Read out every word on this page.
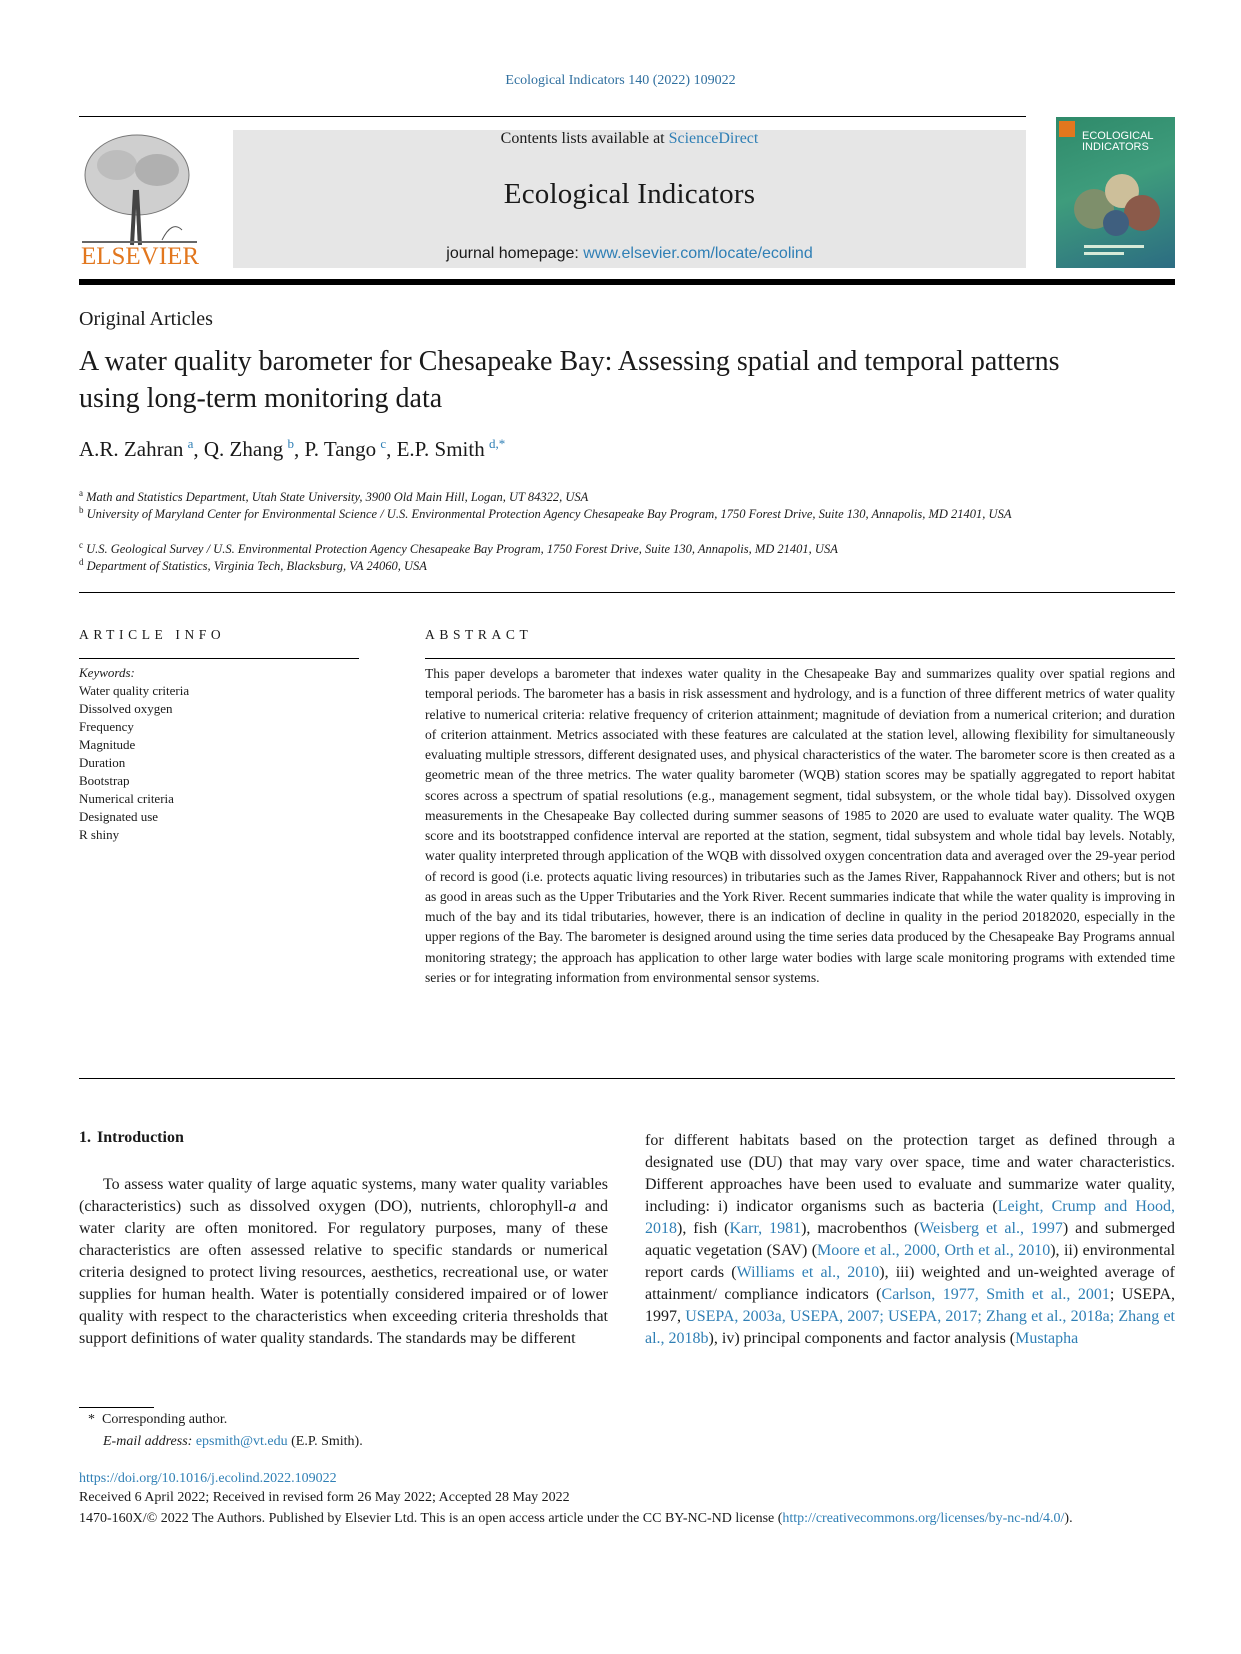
Ecological Indicators 140 (2022) 109022
ELSEVIER
Contents lists available at ScienceDirect
Ecological Indicators
journal homepage: www.elsevier.com/locate/ecolind
ECOLOGICAL
INDICATORS
Original Articles
A water quality barometer for Chesapeake Bay: Assessing spatial and temporal patterns using long-term monitoring data
A.R. Zahran  $^a$, Q. Zhang  $^b$, P. Tango  $^c$, E.P. Smith  $^{d,*}$
$^a$ Math and Statistics Department, Utah State University, 3900 Old Main Hill, Logan, UT 84322, USA
$^b$ University of Maryland Center for Environmental Science / U.S. Environmental Protection Agency Chesapeake Bay Program, 1750 Forest Drive, Suite 130, Annapolis, MD 21401, USA
$^c$ U.S. Geological Survey / U.S. Environmental Protection Agency Chesapeake Bay Program, 1750 Forest Drive, Suite 130, Annapolis, MD 21401, USA
$^d$ Department of Statistics, Virginia Tech, Blacksburg, VA 24060, USA
ARTICLE INFO	ABSTRACT
Keywords:
Water quality criteria
Dissolved oxygen
Frequency
Magnitude
Duration
Bootstrap
Numerical criteria
Designated use
R shiny
This paper develops a barometer that indexes water quality in the Chesapeake Bay and summarizes quality over spatial regions and temporal periods. The barometer has a basis in risk assessment and hydrology, and is a function of three different metrics of water quality relative to numerical criteria: relative frequency of criterion attainment; magnitude of deviation from a numerical criterion; and duration of criterion attainment. Metrics associated with these features are calculated at the station level, allowing flexibility for simultaneously evaluating multiple stressors, different designated uses, and physical characteristics of the water. The barometer score is then created as a geometric mean of the three metrics. The water quality barometer (WQB) station scores may be spatially aggregated to report habitat scores across a spectrum of spatial resolutions (e.g., management segment, tidal subsystem, or the whole tidal bay). Dissolved oxygen measurements in the Chesapeake Bay collected during summer seasons of 1985 to 2020 are used to evaluate water quality. The WQB score and its bootstrapped confidence interval are reported at the station, segment, tidal subsystem and whole tidal bay levels. Notably, water quality interpreted through application of the WQB with dissolved oxygen concentration data and averaged over the 29-year period of record is good (i.e. protects aquatic living resources) in tributaries such as the James River, Rappahannock River and others; but is not as good in areas such as the Upper Tributaries and the York River. Recent summaries indicate that while the water quality is improving in much of the bay and its tidal tributaries, however, there is an indication of decline in quality in the period 20182020, especially in the upper regions of the Bay. The barometer is designed around using the time series data produced by the Chesapeake Bay Programs annual monitoring strategy; the approach has application to other large water bodies with large scale monitoring programs with extended time series or for integrating information from environmental sensor systems.
1. Introduction
To assess water quality of large aquatic systems, many water quality variables (characteristics) such as dissolved oxygen (DO), nutrients, chlorophyll-a and water clarity are often monitored. For regulatory purposes, many of these characteristics are often assessed relative to specific standards or numerical criteria designed to protect living resources, aesthetics, recreational use, or water supplies for human health. Water is potentially considered impaired or of lower quality with respect to the characteristics when exceeding criteria thresholds that support definitions of water quality standards. The standards may be different
for different habitats based on the protection target as defined through a designated use (DU) that may vary over space, time and water characteristics. Different approaches have been used to evaluate and summarize water quality, including: i) indicator organisms such as bacteria (Leight, Crump and Hood, 2018), fish (Karr, 1981), macrobenthos (Weisberg et al., 1997) and submerged aquatic vegetation (SAV) (Moore et al., 2000, Orth et al., 2010), ii) environmental report cards (Williams et al., 2010), iii) weighted and un-weighted average of attainment/ compliance indicators (Carlson, 1977, Smith et al., 2001; USEPA, 1997, USEPA, 2003a, USEPA, 2007; USEPA, 2017; Zhang et al., 2018a; Zhang et al., 2018b), iv) principal components and factor analysis (Mustapha
* Corresponding author.
E-mail address: epsmith@vt.edu (E.P. Smith).
https://doi.org/10.1016/j.ecolind.2022.109022
Received 6 April 2022; Received in revised form 26 May 2022; Accepted 28 May 2022
1470-160X/© 2022 The Authors. Published by Elsevier Ltd. This is an open access article under the CC BY-NC-ND license (http://creativecommons.org/licenses/by-nc-nd/4.0/).
